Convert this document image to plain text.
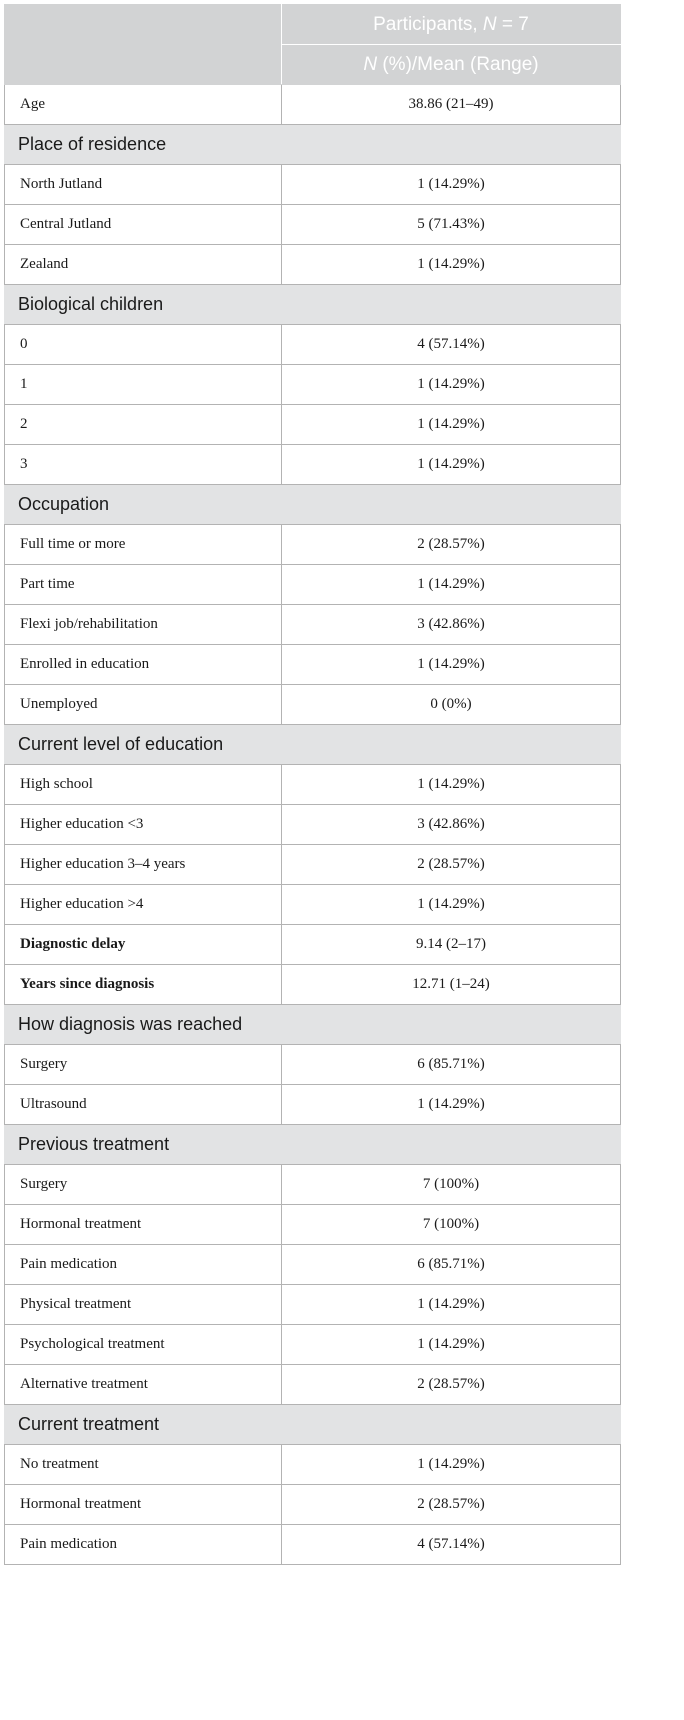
	Participants, N = 7
	N (%)/Mean (Range)
Age	38.86 (21–49)
Place of residence	
North Jutland	1 (14.29%)
Central Jutland	5 (71.43%)
Zealand	1 (14.29%)
Biological children	
0	4 (57.14%)
1	1 (14.29%)
2	1 (14.29%)
3	1 (14.29%)
Occupation	
Full time or more	2 (28.57%)
Part time	1 (14.29%)
Flexi job/rehabilitation	3 (42.86%)
Enrolled in education	1 (14.29%)
Unemployed	0 (0%)
Current level of education	
High school	1 (14.29%)
Higher education <3	3 (42.86%)
Higher education 3–4 years	2 (28.57%)
Higher education >4	1 (14.29%)
Diagnostic delay	9.14 (2–17)
Years since diagnosis	12.71 (1–24)
How diagnosis was reached	
Surgery	6 (85.71%)
Ultrasound	1 (14.29%)
Previous treatment	
Surgery	7 (100%)
Hormonal treatment	7 (100%)
Pain medication	6 (85.71%)
Physical treatment	1 (14.29%)
Psychological treatment	1 (14.29%)
Alternative treatment	2 (28.57%)
Current treatment	
No treatment	1 (14.29%)
Hormonal treatment	2 (28.57%)
Pain medication	4 (57.14%)
